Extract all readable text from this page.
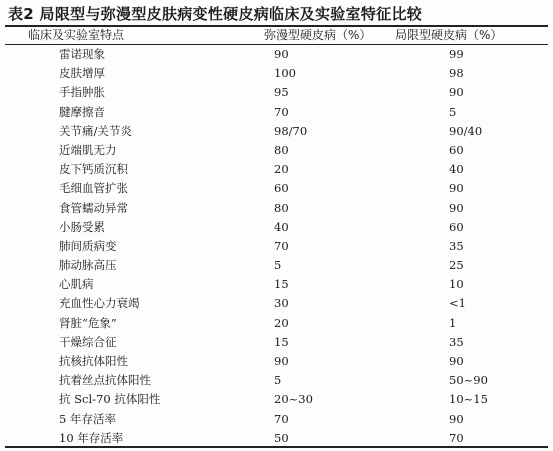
表2 局限型与弥漫型皮肤病变性硬皮病临床及实验室特征比较
临床及实验室特点	弥漫型硬皮病（%） 局限型硬皮病（%）
雷诺现象	90	99
皮肤增厚	100	98
手指肿胀	95	90
腱摩擦音	70	5
关节痛/关节炎	98/70	90/40
近端肌无力	80	60
皮下钙质沉积	20	40
毛细血管扩张	60	90
食管蠕动异常	80	90
小肠受累	40	60
肺间质病变	70	35
肺动脉高压	5	25
心肌病	15	10
充血性心力衰竭	30	<1
肾脏“危象”	20	1
干燥综合征	15	35
抗核抗体阳性	90	90
抗着丝点抗体阳性	5	50~90
抗 Scl-70 抗体阳性	20~30	10~15
5 年存活率	70	90
10 年存活率	50	70
